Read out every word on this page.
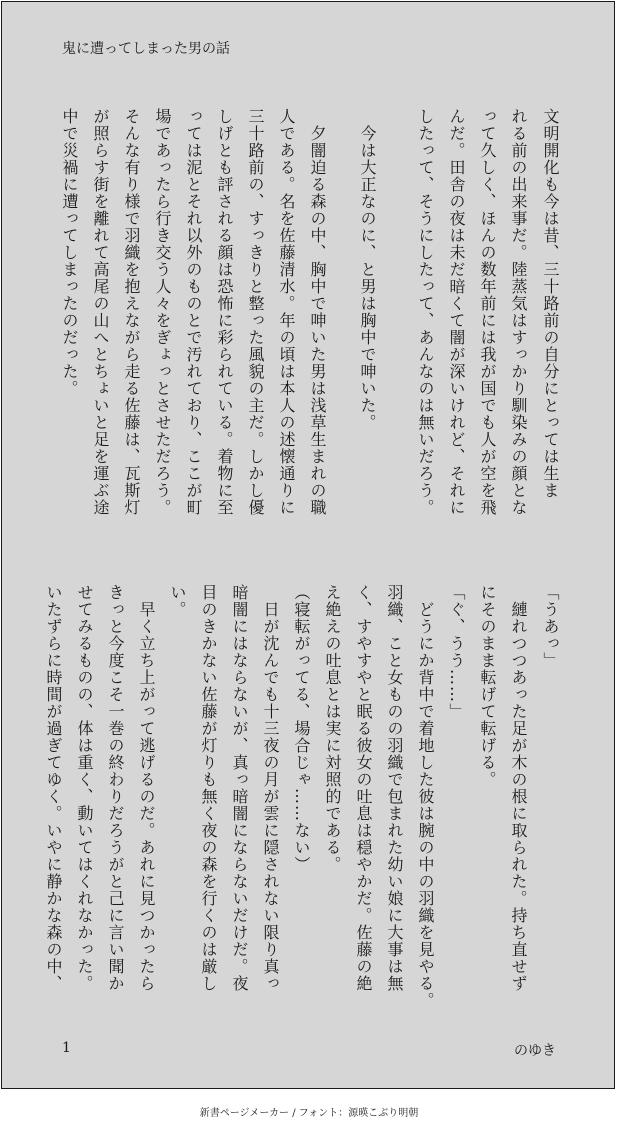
鬼に遭ってしまった男の話
文明開化も今は昔、三十路前の自分にとっては生ま
れる前の出来事だ。陸蒸気はすっかり馴染みの顔とな
って久しく、ほんの数年前には我が国でも人が空を飛
んだ。田舎の夜は未だ暗くて闇が深いけれど、それに
したって、そうにしたって、あんなのは無いだろう。
　今は大正なのに、と男は胸中で呻いた。
　夕闇迫る森の中、胸中で呻いた男は浅草生まれの職
人である。名を佐藤清水。年の頃は本人の述懐通りに
三十路前の、すっきりと整った風貌の主だ。しかし優
しげとも評される顔は恐怖に彩られている。着物に至
っては泥とそれ以外のものとで汚れており、ここが町
場であったら行き交う人々をぎょっとさせただろう。
そんな有り様で羽織を抱えながら走る佐藤は、瓦斯灯
が照らす街を離れて高尾の山へとちょいと足を運ぶ途
中で災禍に遭ってしまったのだった。
「うあっ」
　縺れつつあった足が木の根に取られた。持ち直せず
にそのまま転げて転げる。
「ぐ、うう……」
　どうにか背中で着地した彼は腕の中の羽織を見やる。
羽織、こと女ものの羽織で包まれた幼い娘に大事は無
く、すやすやと眠る彼女の吐息は穏やかだ。佐藤の絶
え絶えの吐息とは実に対照的である。
（寝転がってる、場合じゃ……ない）
　日が沈んでも十三夜の月が雲に隠されない限り真っ
暗闇にはならないが、真っ暗闇にならないだけだ。夜
目のきかない佐藤が灯りも無く夜の森を行くのは厳し
い。
　早く立ち上がって逃げるのだ。あれに見つかったら
きっと今度こそ一巻の終わりだろうがと己に言い聞か
せてみるものの、体は重く、動いてはくれなかった。
いたずらに時間が過ぎてゆく。いやに静かな森の中、
1	のゆき
新書ページメーカー / フォント：源暎こぶり明朝
